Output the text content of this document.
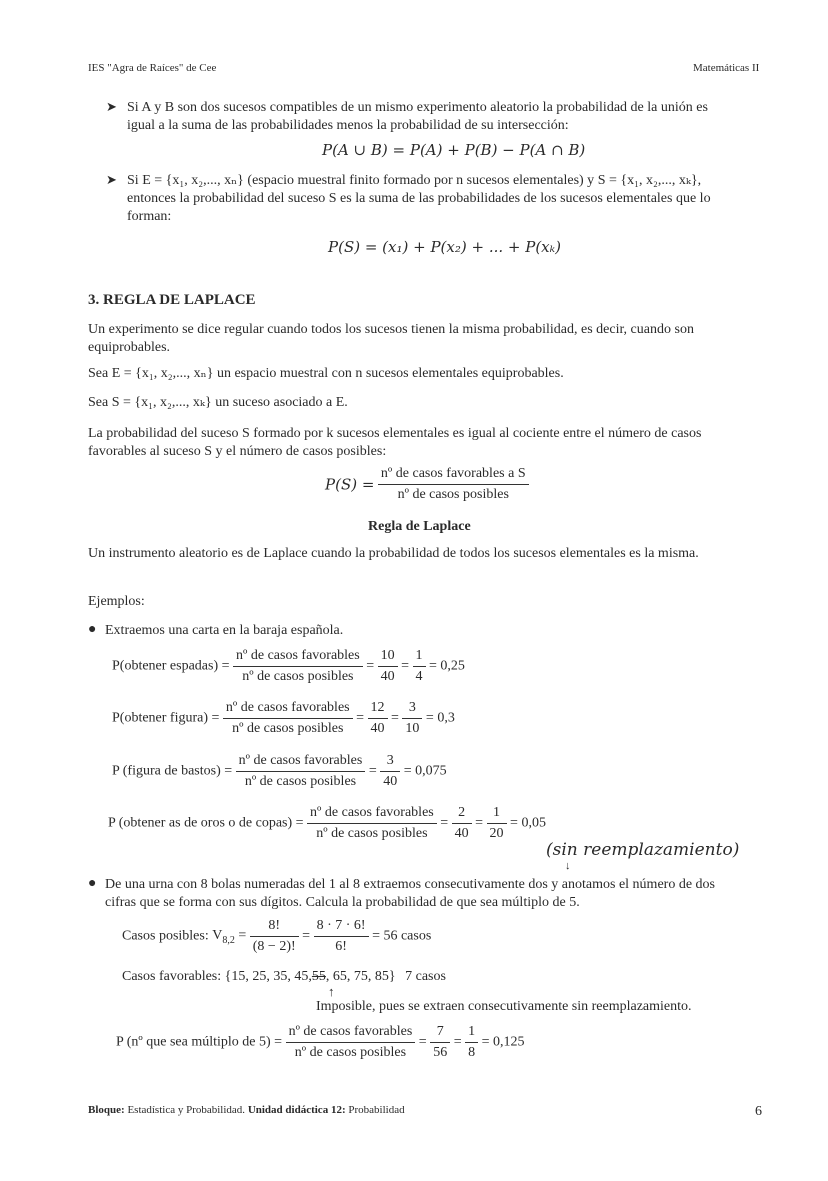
IES "Agra de Raíces" de Cee	Matemáticas II
➤ Si A y B son dos sucesos compatibles de un mismo experimento aleatorio la probabilidad de la unión es
igual a la suma de las probabilidades menos la probabilidad de su intersección:
P(A ∪ B) = P(A) + P(B) − P(A ∩ B)
➤ Si E = {x₁, x₂,..., xₙ} (espacio muestral finito formado por n sucesos elementales) y S = {x₁, x₂,..., xₖ},
entonces la probabilidad del suceso S es la suma de las probabilidades de los sucesos elementales que lo
forman:
P(S) = (x₁) + P(x₂) + ... + P(xₖ)
3. REGLA DE LAPLACE
Un experimento se dice regular cuando todos los sucesos tienen la misma probabilidad, es decir, cuando son
equiprobables.
Sea E = {x₁, x₂,..., xₙ} un espacio muestral con n sucesos elementales equiprobables.
Sea S = {x₁, x₂,..., xₖ} un suceso asociado a E.
La probabilidad del suceso S formado por k sucesos elementales es igual al cociente entre el número de casos
favorables al suceso S y el número de casos posibles:
$P(S) = \frac{\text{nº de casos favorables a S}}{\text{nº de casos posibles}}$
Regla de Laplace
Un instrumento aleatorio es de Laplace cuando la probabilidad de todos los sucesos elementales es la misma.
Ejemplos:
● Extraemos una carta en la baraja española.
P(obtener espadas) = $\frac{\text{nº de casos favorables}}{\text{nº de casos posibles}} = \frac{10}{40} = \frac{1}{4} = 0,25$
P(obtener figura) = $\frac{\text{nº de casos favorables}}{\text{nº de casos posibles}} = \frac{12}{40} = \frac{3}{10} = 0,3$
P (figura de bastos) = $\frac{\text{nº de casos favorables}}{\text{nº de casos posibles}} = \frac{3}{40} = 0,075$
P (obtener as de oros o de copas) = $\frac{\text{nº de casos favorables}}{\text{nº de casos posibles}} = \frac{2}{40} = \frac{1}{20} = 0,05$
(sin reemplazamiento)
↓
● De una urna con 8 bolas numeradas del 1 al 8 extraemos consecutivamente dos y anotamos el número de dos
cifras que se forma con sus dígitos. Calcula la probabilidad de que sea múltiplo de 5.
Casos posibles: $V_{8,2} = \frac{8!}{(8 - 2)!} = \frac{8 \cdot 7 \cdot 6!}{6!} = 56$ casos
Casos favorables: {15, 25, 35, 45,55, 65, 75, 85} 7 casos
↑
Imposible, pues se extraen consecutivamente sin reemplazamiento.
P (nº que sea múltiplo de $5) = \frac{\text{nº de casos favorables}}{\text{nº de casos posibles}} = \frac{7}{56} = \frac{1}{8} = 0,125$
Bloque: Estadística y Probabilidad. Unidad didáctica 12: Probabilidad	6
